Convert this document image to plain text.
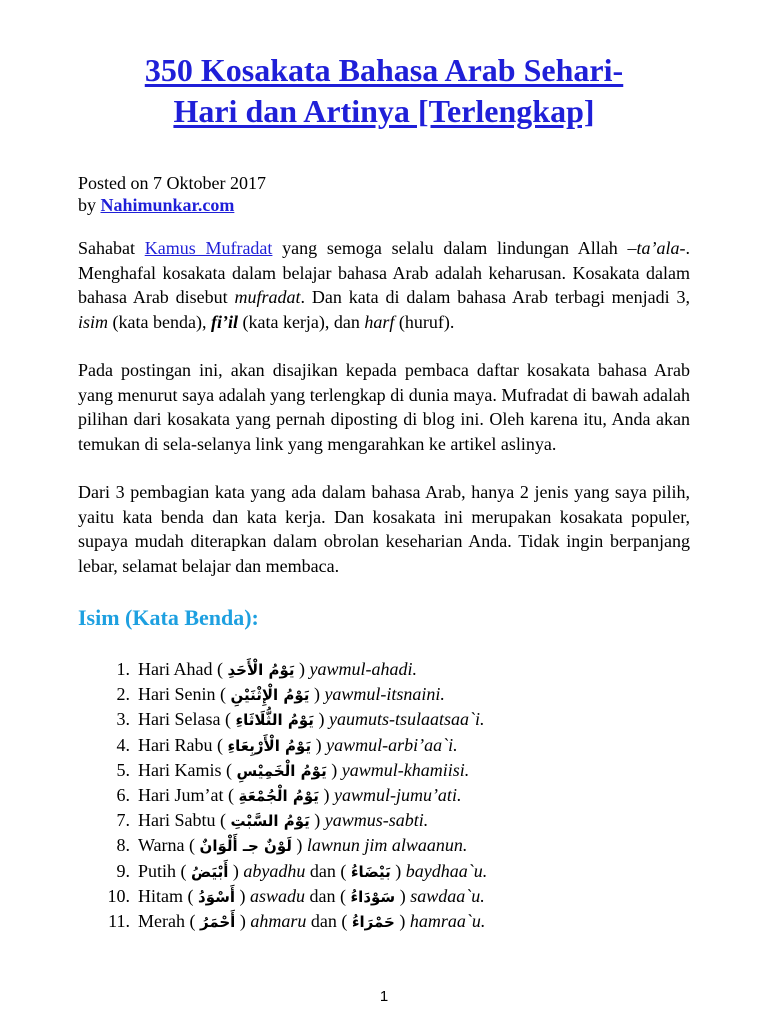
350 Kosakata Bahasa Arab Sehari-
Hari dan Artinya [Terlengkap]
Posted on 7 Oktober 2017
by Nahimunkar.com

Sahabat Kamus Mufradat yang semoga selalu dalam lindungan Allah –ta’ala-. Menghafal kosakata dalam belajar bahasa Arab adalah keharusan. Kosakata dalam bahasa Arab disebut mufradat. Dan kata di dalam bahasa Arab terbagi menjadi 3, isim (kata benda), fi’il (kata kerja), dan harf (huruf).

Pada postingan ini, akan disajikan kepada pembaca daftar kosakata bahasa Arab yang menurut saya adalah yang terlengkap di dunia maya. Mufradat di bawah adalah pilihan dari kosakata yang pernah diposting di blog ini. Oleh karena itu, Anda akan temukan di sela-selanya link yang mengarahkan ke artikel aslinya.

Dari 3 pembagian kata yang ada dalam bahasa Arab, hanya 2 jenis yang saya pilih, yaitu kata benda dan kata kerja. Dan kosakata ini merupakan kosakata populer, supaya mudah diterapkan dalam obrolan keseharian Anda. Tidak ingin berpanjang lebar, selamat belajar dan membaca.

Isim (Kata Benda):
1. Hari Ahad ( يَوْمُ الْأَحَدِ ) yawmul-ahadi.
2. Hari Senin ( يَوْمُ الْإِثْنَيْنِ ) yawmul-itsnaini.
3. Hari Selasa ( يَوْمُ الثُّلَاثَاءِ ) yaumuts-tsulaatsaa`i.
4. Hari Rabu ( يَوْمُ الْأَرْبِعَاءِ ) yawmul-arbi’aa`i.
5. Hari Kamis ( يَوْمُ الْخَمِيْسِ ) yawmul-khamiisi.
6. Hari Jum’at ( يَوْمُ الْجُمْعَةِ ) yawmul-jumu’ati.
7. Hari Sabtu ( يَوْمُ السَّبْتِ ) yawmus-sabti.
8. Warna ( لَوْنٌ جـ أَلْوَانٌ ) lawnun jim alwaanun.
9. Putih ( أَبْيَضُ ) abyadhu dan ( بَيْضَاءُ ) baydhaa`u.
10. Hitam ( أَسْوَدُ ) aswadu dan ( سَوْدَاءُ ) sawdaa`u.
11. Merah ( أَحْمَرُ ) ahmaru dan ( حَمْرَاءُ ) hamraa`u.
1
